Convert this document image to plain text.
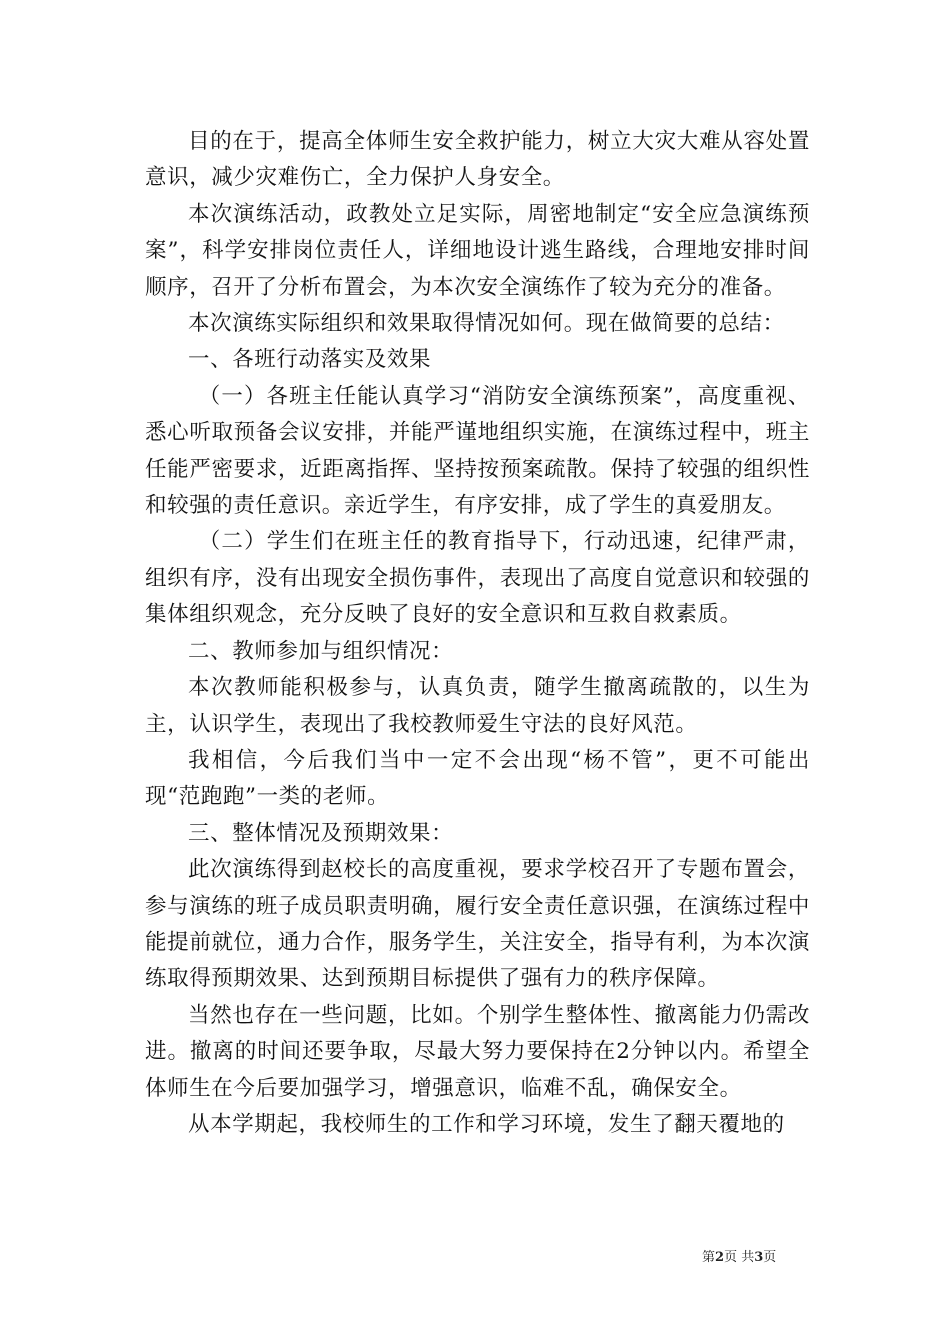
目的在于，提高全体师生安全救护能力，树立大灾大难从容处置意识，减少灾难伤亡，全力保护人身安全。

本次演练活动，政教处立足实际，周密地制定“安全应急演练预案”，科学安排岗位责任人，详细地设计逃生路线，合理地安排时间顺序，召开了分析布置会，为本次安全演练作了较为充分的准备。

本次演练实际组织和效果取得情况如何。现在做简要的总结：

一、各班行动落实及效果

（一）各班主任能认真学习“消防安全演练预案”，高度重视、悉心听取预备会议安排，并能严谨地组织实施，在演练过程中，班主任能严密要求，近距离指挥、坚持按预案疏散。保持了较强的组织性和较强的责任意识。亲近学生，有序安排，成了学生的真爱朋友。

（二）学生们在班主任的教育指导下，行动迅速，纪律严肃，组织有序，没有出现安全损伤事件，表现出了高度自觉意识和较强的集体组织观念，充分反映了良好的安全意识和互救自救素质。

二、教师参加与组织情况：

本次教师能积极参与，认真负责，随学生撤离疏散的，以生为主，认识学生，表现出了我校教师爱生守法的良好风范。

我相信，今后我们当中一定不会出现“杨不管”，更不可能出现“范跑跑”一类的老师。

三、整体情况及预期效果：

此次演练得到赵校长的高度重视，要求学校召开了专题布置会，参与演练的班子成员职责明确，履行安全责任意识强，在演练过程中能提前就位，通力合作，服务学生，关注安全，指导有利，为本次演练取得预期效果、达到预期目标提供了强有力的秩序保障。

当然也存在一些问题，比如。个别学生整体性、撤离能力仍需改进。撤离的时间还要争取，尽最大努力要保持在2分钟以内。希望全体师生在今后要加强学习，增强意识，临难不乱，确保安全。

从本学期起，我校师生的工作和学习环境，发生了翻天覆地的

第2页 共3页
